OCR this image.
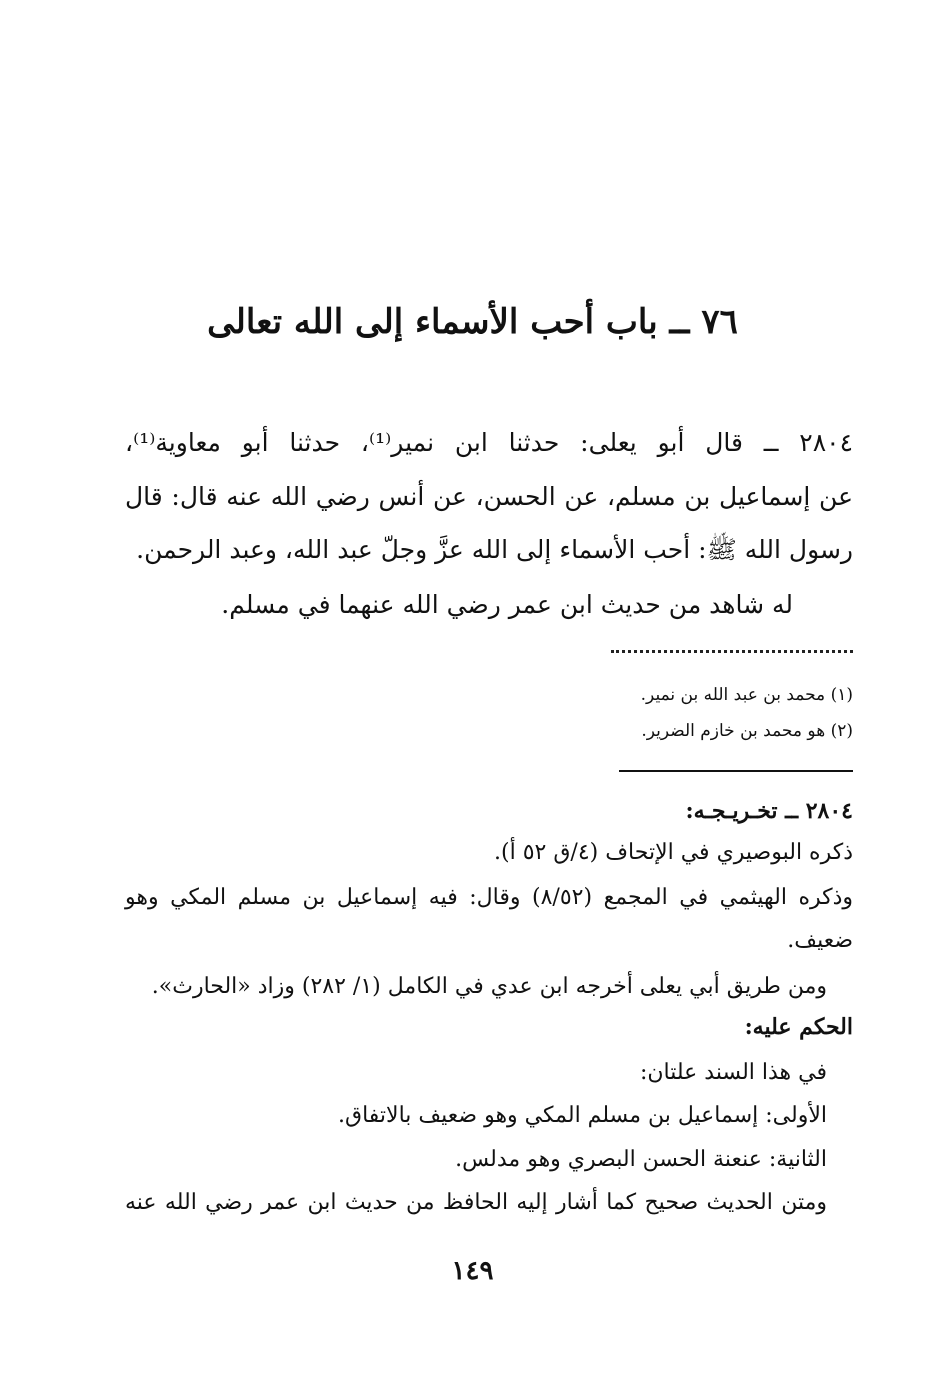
٧٦ ــ باب أحب الأسماء إلى الله تعالى
٢٨٠٤ ــ قال أبو يعلى: حدثنا ابن نمير⁽¹⁾، حدثنا أبو معاوية⁽¹⁾،
عن إسماعيل بن مسلم، عن الحسن، عن أنس رضي الله عنه قال: قال
رسول الله ﷺ: أحب الأسماء إلى الله عزَّ وجلّ عبد الله، وعبد الرحمن.
له شاهد من حديث ابن عمر رضي الله عنهما في مسلم.
(١) محمد بن عبد الله بن نمير.
(٢) هو محمد بن خازم الضرير.
٢٨٠٤ ــ تخـريـجـه:
ذكره البوصيري في الإتحاف (٤/ق ٥٢ أ).
وذكره الهيثمي في المجمع (٨/٥٢) وقال: فيه إسماعيل بن مسلم المكي وهو
ضعيف.
ومن طريق أبي يعلى أخرجه ابن عدي في الكامل (١/ ٢٨٢) وزاد «الحارث».
الحكم عليه:
في هذا السند علتان:
الأولى: إسماعيل بن مسلم المكي وهو ضعيف بالاتفاق.
الثانية: عنعنة الحسن البصري وهو مدلس.
ومتن الحديث صحيح كما أشار إليه الحافظ من حديث ابن عمر رضي الله عنه
١٤٩
